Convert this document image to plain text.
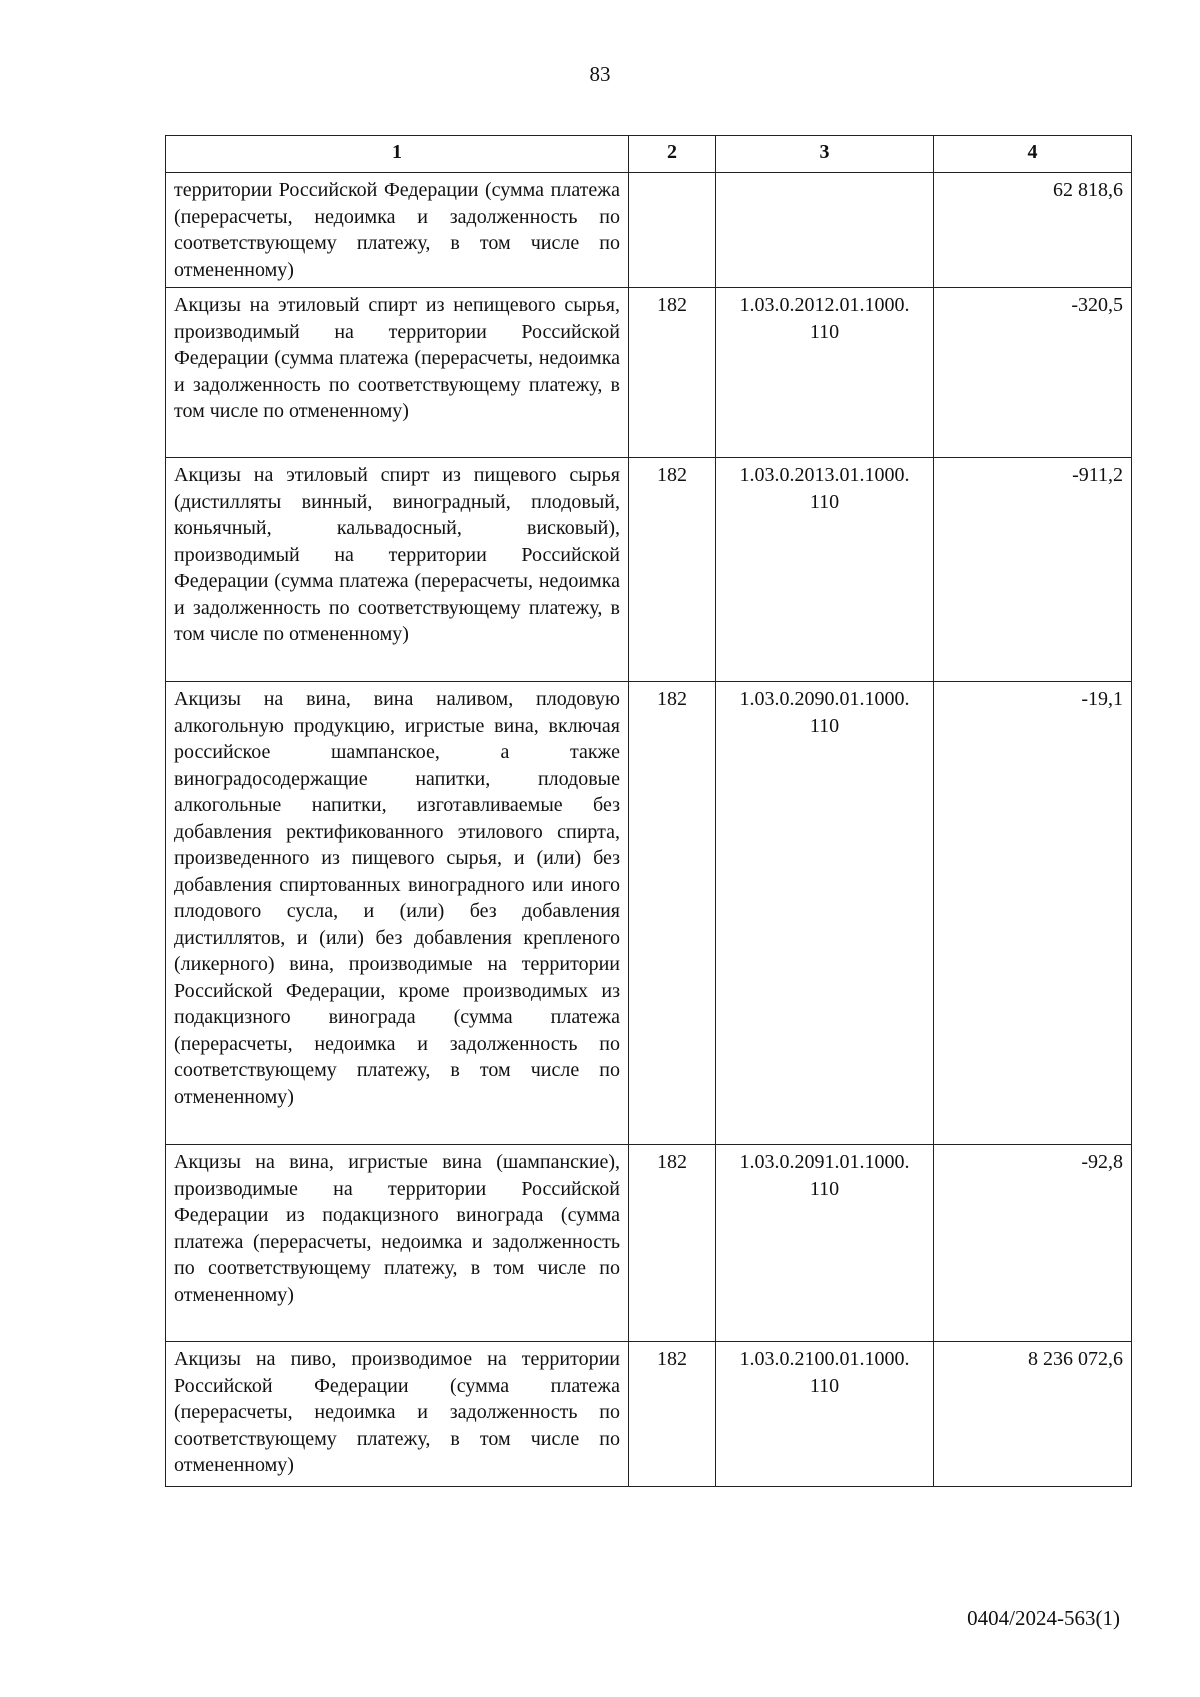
83
1	2	3	4
территории Российской Федерации (сумма платежа (перерасчеты, недоимка и задолженность по соответствующему платежу, в том числе по отмененному)			62 818,6
Акцизы на этиловый спирт из непищевого сырья, производимый на территории Российской Федерации (сумма платежа (перерасчеты, недоимка и задолженность по соответствующему платежу, в том числе по отмененному)	182	1.03.0.2012.01.1000. 110	-320,5
Акцизы на этиловый спирт из пищевого сырья (дистилляты винный, виноградный, плодовый, коньячный, кальвадосный, висковый), производимый на территории Российской Федерации (сумма платежа (перерасчеты, недоимка и задолженность по соответствующему платежу, в том числе по отмененному)	182	1.03.0.2013.01.1000. 110	-911,2
Акцизы на вина, вина наливом, плодовую алкогольную продукцию, игристые вина, включая российское шампанское, а также виноградосодержащие напитки, плодовые алкогольные напитки, изготавливаемые без добавления ректификованного этилового спирта, произведенного из пищевого сырья, и (или) без добавления спиртованных виноградного или иного плодового сусла, и (или) без добавления дистиллятов, и (или) без добавления крепленого (ликерного) вина, производимые на территории Российской Федерации, кроме производимых из подакцизного винограда (сумма платежа (перерасчеты, недоимка и задолженность по соответствующему платежу, в том числе по отмененному)	182	1.03.0.2090.01.1000. 110	-19,1
Акцизы на вина, игристые вина (шампанские), производимые на территории Российской Федерации из подакцизного винограда (сумма платежа (перерасчеты, недоимка и задолженность по соответствующему платежу, в том числе по отмененному)	182	1.03.0.2091.01.1000. 110	-92,8
Акцизы на пиво, производимое на территории Российской Федерации (сумма платежа (перерасчеты, недоимка и задолженность по соответствующему платежу, в том числе по отмененному)	182	1.03.0.2100.01.1000. 110	8 236 072,6
0404/2024-563(1)
